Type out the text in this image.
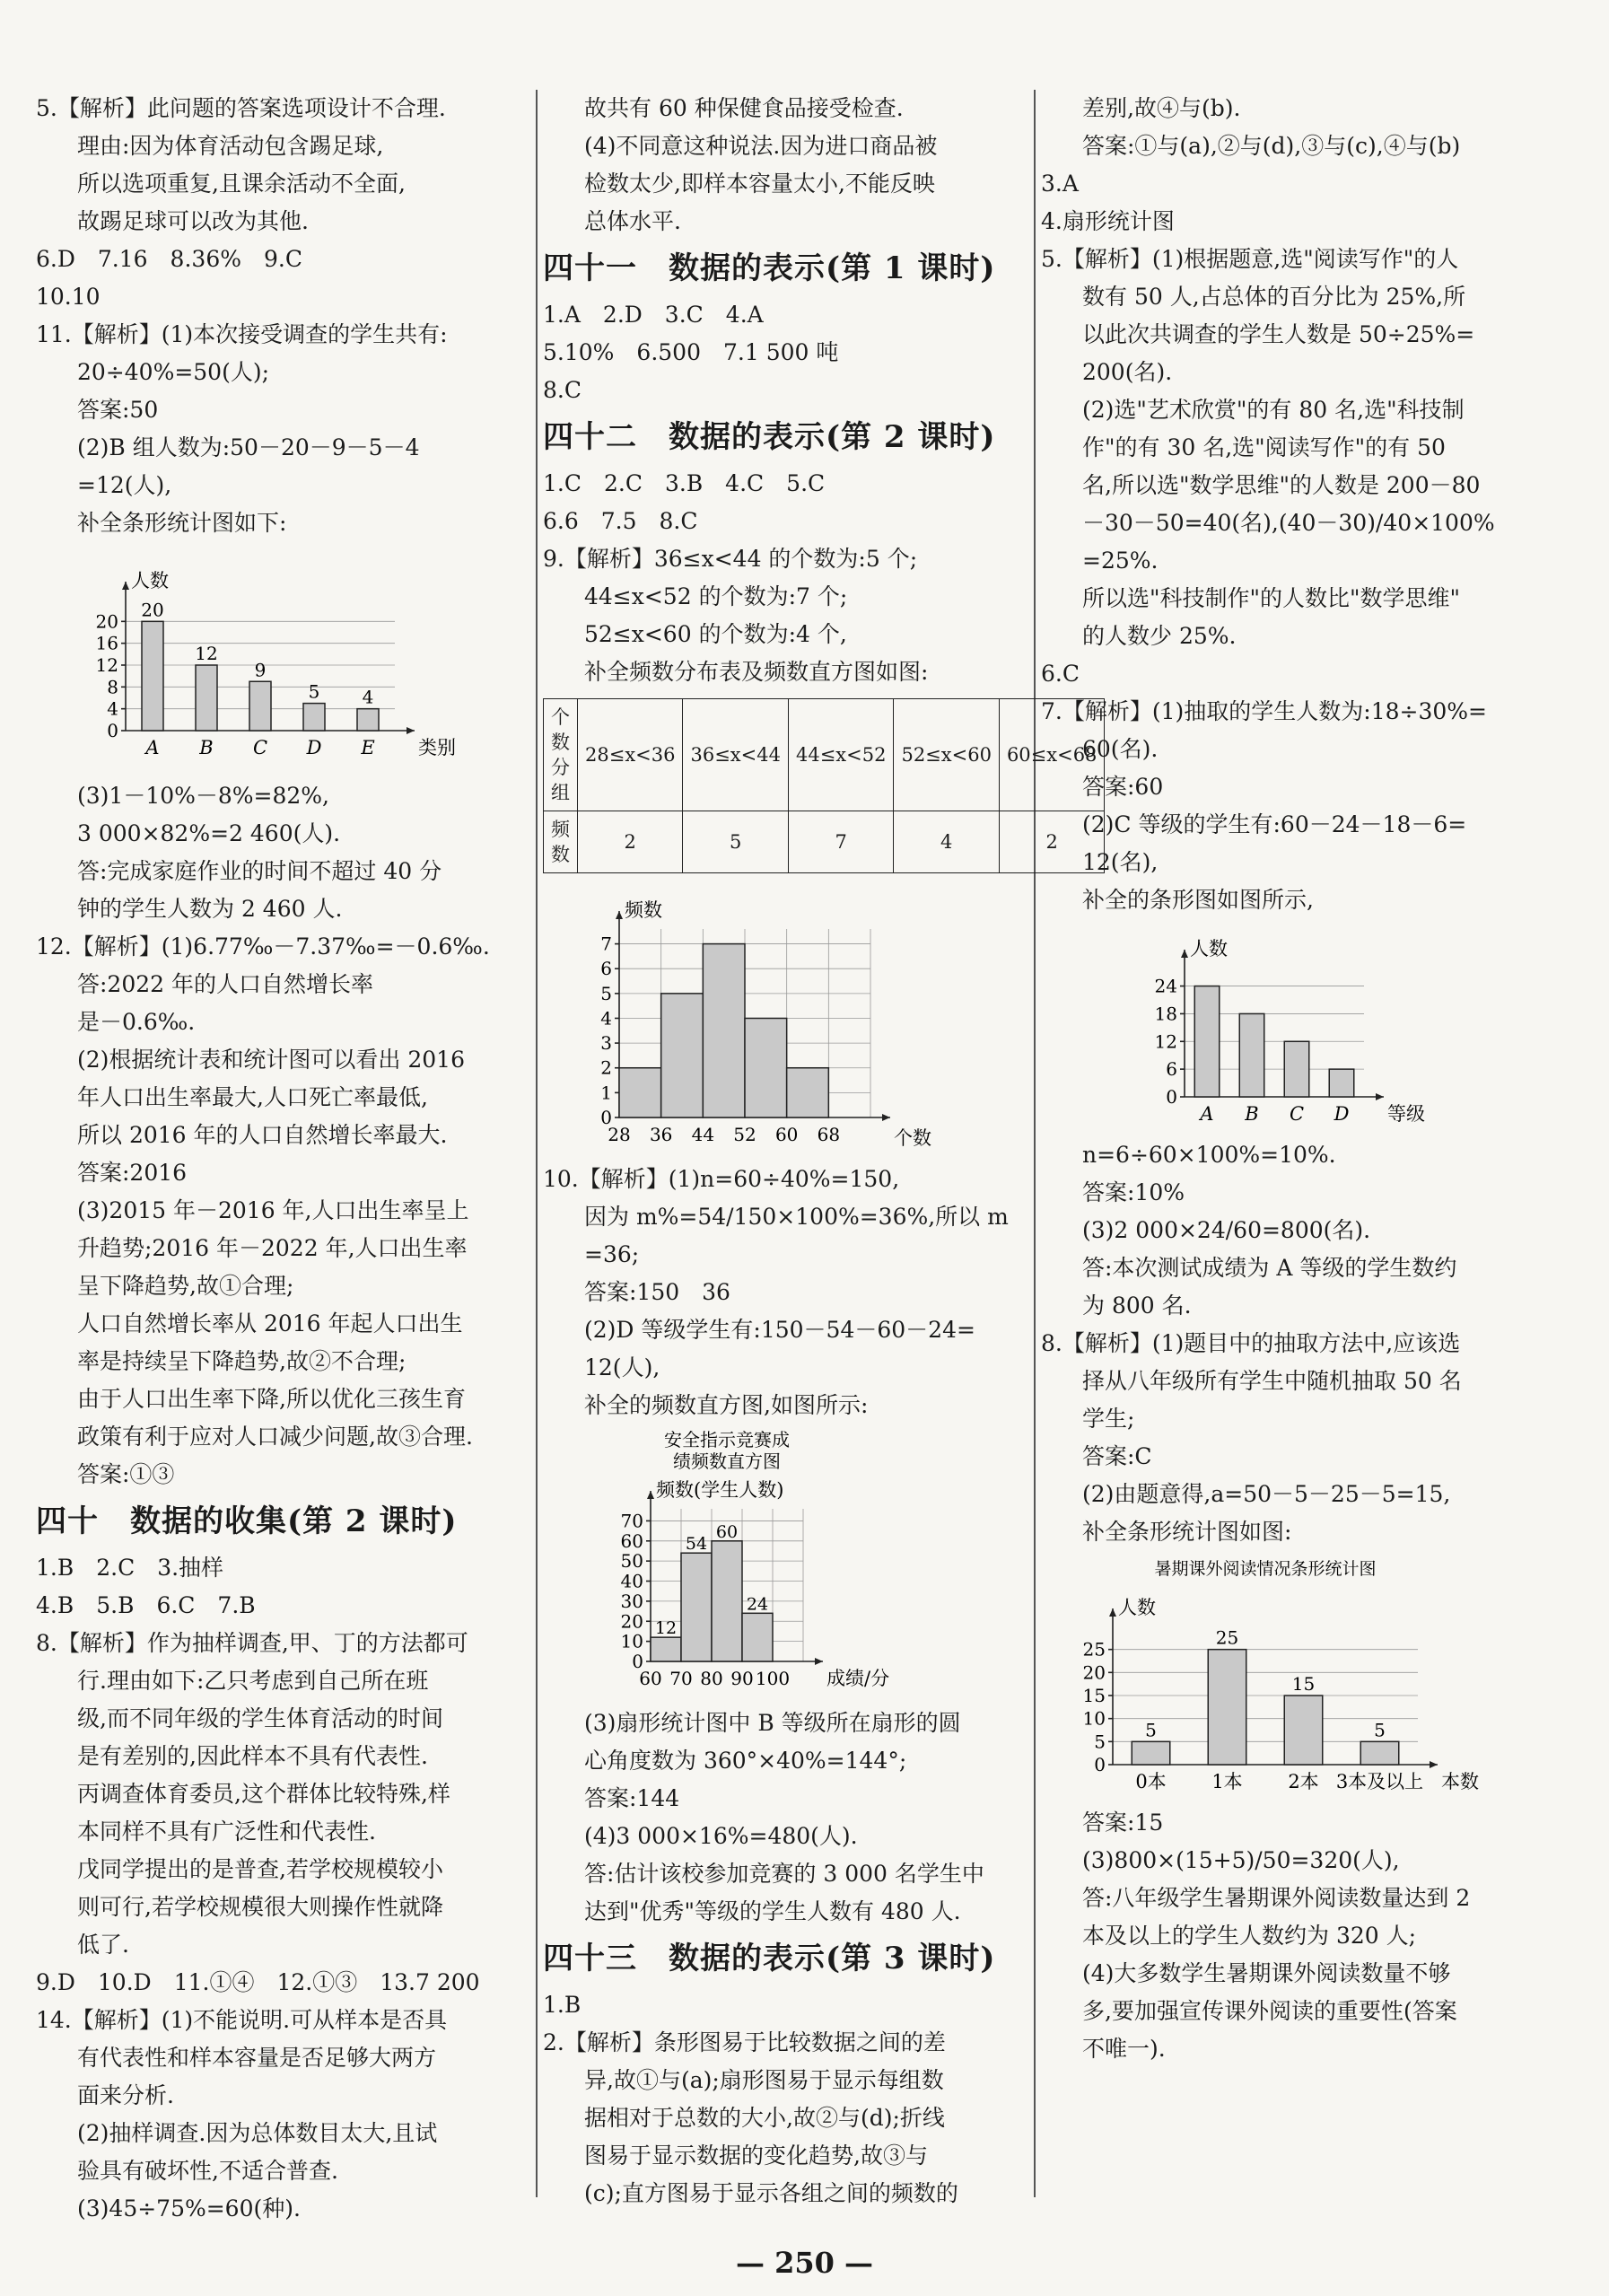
5.【解析】此问题的答案选项设计不合理.
理由:因为体育活动包含踢足球,
所以选项重复,且课余活动不全面,
故踢足球可以改为其他.
6.D　7.16　8.36%　9.C
10.10
11.【解析】(1)本次接受调查的学生共有:
20÷40%=50(人);
答案:50
(2)B 组人数为:50－20－9－5－4
=12(人),
补全条形统计图如下:
0
4
8
12
16
20
人数
类别
20
A
12
B
9
C
5
D
4
E
(3)1－10%－8%=82%,
3 000×82%=2 460(人).
答:完成家庭作业的时间不超过 40 分
钟的学生人数为 2 460 人.
12.【解析】(1)6.77‰－7.37‰=－0.6‰.
答:2022 年的人口自然增长率
是－0.6‰.
(2)根据统计表和统计图可以看出 2016
年人口出生率最大,人口死亡率最低,
所以 2016 年的人口自然增长率最大.
答案:2016
(3)2015 年－2016 年,人口出生率呈上
升趋势;2016 年－2022 年,人口出生率
呈下降趋势,故①合理;
人口自然增长率从 2016 年起人口出生
率是持续呈下降趋势,故②不合理;
由于人口出生率下降,所以优化三孩生育
政策有利于应对人口减少问题,故③合理.
答案:①③
四十　数据的收集(第 2 课时)
1.B　2.C　3.抽样
4.B　5.B　6.C　7.B
8.【解析】作为抽样调查,甲、丁的方法都可
行.理由如下:乙只考虑到自己所在班
级,而不同年级的学生体育活动的时间
是有差别的,因此样本不具有代表性.
丙调查体育委员,这个群体比较特殊,样
本同样不具有广泛性和代表性.
戊同学提出的是普查,若学校规模较小
则可行,若学校规模很大则操作性就降
低了.
9.D　10.D　11.①④　12.①③　13.7 200
14.【解析】(1)不能说明.可从样本是否具
有代表性和样本容量是否足够大两方
面来分析.
(2)抽样调查.因为总体数目太大,且试
验具有破坏性,不适合普查.
(3)45÷75%=60(种).
故共有 60 种保健食品接受检查.
(4)不同意这种说法.因为进口商品被
检数太少,即样本容量太小,不能反映
总体水平.
四十一　数据的表示(第 1 课时)
1.A　2.D　3.C　4.A
5.10%　6.500　7.1 500 吨
8.C
四十二　数据的表示(第 2 课时)
1.C　2.C　3.B　4.C　5.C
6.6　7.5　8.C
9.【解析】36≤x<44 的个数为:5 个;
44≤x<52 的个数为:7 个;
52≤x<60 的个数为:4 个,
补全频数分布表及频数直方图如图:
个数分组	28≤x<36	36≤x<44	44≤x<52	52≤x<60	60≤x<68
频数	2	5	7	4	2
0
1
2
3
4
5
6
7
频数
个数
28 36 44 52 60 68
10.【解析】(1)n=60÷40%=150,
因为 m%=54/150×100%=36%,所以 m
=36;
答案:150　36
(2)D 等级学生有:150－54－60－24=
12(人),
补全的频数直方图,如图所示:
安全指示竞赛成
绩频数直方图
0
10
20
30
40
50
60
70
频数(学生人数)
成绩/分
12
54
60
24
60 70 80 90 100
(3)扇形统计图中 B 等级所在扇形的圆
心角度数为 360°×40%=144°;
答案:144
(4)3 000×16%=480(人).
答:估计该校参加竞赛的 3 000 名学生中
达到"优秀"等级的学生人数有 480 人.
四十三　数据的表示(第 3 课时)
1.B
2.【解析】条形图易于比较数据之间的差
异,故①与(a);扇形图易于显示每组数
据相对于总数的大小,故②与(d);折线
图易于显示数据的变化趋势,故③与
(c);直方图易于显示各组之间的频数的
差别,故④与(b).
答案:①与(a),②与(d),③与(c),④与(b)
3.A
4.扇形统计图
5.【解析】(1)根据题意,选"阅读写作"的人
数有 50 人,占总体的百分比为 25%,所
以此次共调查的学生人数是 50÷25%=
200(名).
(2)选"艺术欣赏"的有 80 名,选"科技制
作"的有 30 名,选"阅读写作"的有 50
名,所以选"数学思维"的人数是 200－80
－30－50=40(名),(40－30)/40×100%
=25%.
所以选"科技制作"的人数比"数学思维"
的人数少 25%.
6.C
7.【解析】(1)抽取的学生人数为:18÷30%=
60(名).
答案:60
(2)C 等级的学生有:60－24－18－6=
12(名),
补全的条形图如图所示,
0
6
12
18
24
人数
等级
A B C D
n=6÷60×100%=10%.
答案:10%
(3)2 000×24/60=800(名).
答:本次测试成绩为 A 等级的学生数约
为 800 名.
8.【解析】(1)题目中的抽取方法中,应该选
择从八年级所有学生中随机抽取 50 名
学生;
答案:C
(2)由题意得,a=50－5－25－5=15,
补全条形统计图如图:
暑期课外阅读情况条形统计图
0
5
10
15
20
25
人数
本数
5
0本
25
1本
15
2本
5
3本及以上
答案:15
(3)800×(15+5)/50=320(人),
答:八年级学生暑期课外阅读数量达到 2
本及以上的学生人数约为 320 人;
(4)大多数学生暑期课外阅读数量不够
多,要加强宣传课外阅读的重要性(答案
不唯一).
— 250 —
